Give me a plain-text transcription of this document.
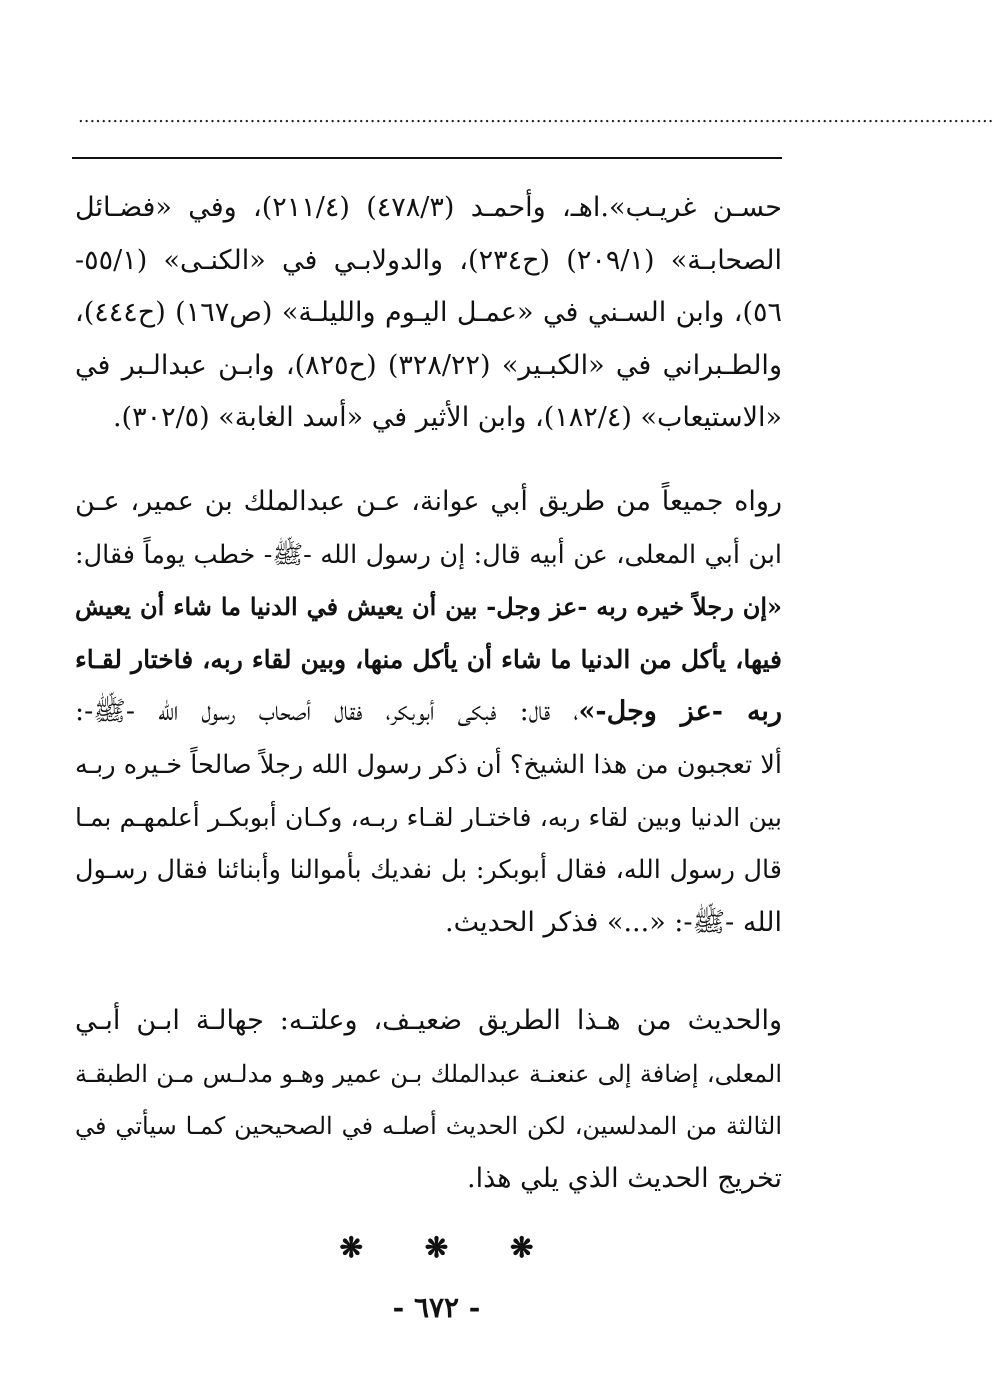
................................................................................................................................................................
حسـن غريـب».اهـ، وأحمـد (٤٧٨/٣) (٢١١/٤)، وفي «فضـائل
الصحابـة» (٢٠٩/١) (ح٢٣٤)، والدولابـي في «الكنـى» (٥٥/١-
٥٦)، وابن السـني في «عمـل اليـوم والليلـة» (ص١٦٧) (ح٤٤٤)،
والطـبراني في «الكبـير» (٣٢٨/٢٢) (ح٨٢٥)، وابـن عبدالـبر في
«الاستيعاب» (١٨٢/٤)، وابن الأثير في «أسد الغابة» (٣٠٢/٥).
رواه جميعاً من طريق أبي عوانة، عـن عبدالملك بن عمير، عـن
ابن أبي المعلى، عن أبيه قال: إن رسول الله -ﷺ- خطب يوماً فقال:
«إن رجلاً خيره ربه -عز وجل- بين أن يعيش في الدنيا ما شاء أن يعيش
فيها، يأكل من الدنيا ما شاء أن يأكل منها، وبين لقاء ربه، فاختار لقـاء
ربه -عز وجل-»، قال: فبكى أبوبكر، فقال أصحاب رسول الله -ﷺ-:
ألا تعجبون من هذا الشيخ؟ أن ذكر رسول الله رجلاً صالحاً خـيره ربـه
بين الدنيا وبين لقاء ربه، فاختـار لقـاء ربـه، وكـان أبوبكـر أعلمهـم بمـا
قال رسول الله، فقال أبوبكر: بل نفديك بأموالنا وأبنائنا فقال رسـول
الله -ﷺ-: «...» فذكر الحديث.
والحديث من هـذا الطريق ضعيـف، وعلتـه: جهالـة ابـن أبـي
المعلى، إضافة إلى عنعنـة عبدالملك بـن عمير وهـو مدلـس مـن الطبقـة
الثالثة من المدلسين، لكن الحديث أصلـه في الصحيحين كمـا سيأتي في
تخريج الحديث الذي يلي هذا.
❋ ❋ ❋
- ٦٧٢ -
